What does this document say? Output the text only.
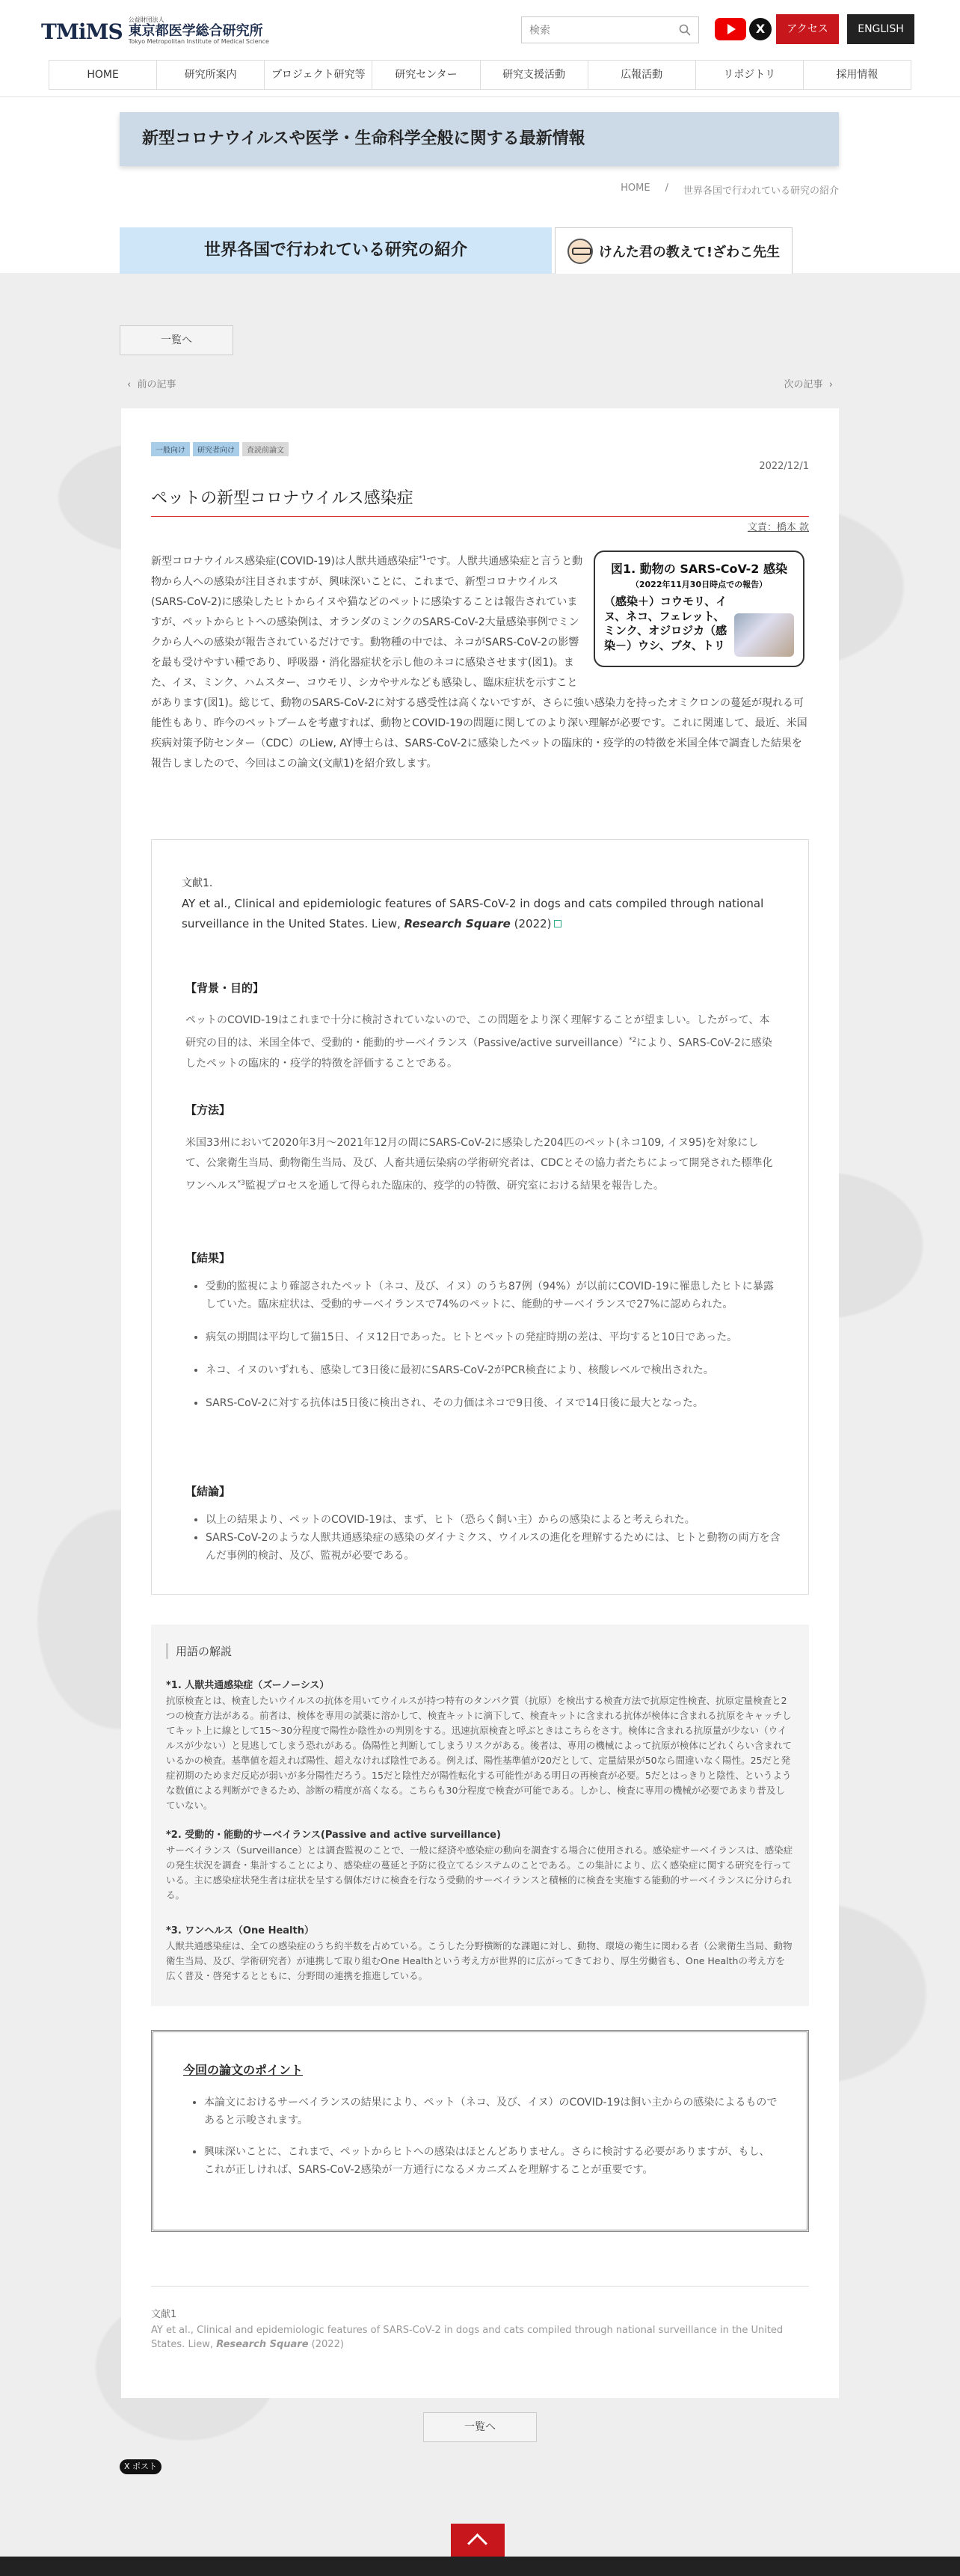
TMiMS 公益財団法人
東京都医学総合研究所
Tokyo Metropolitan Institute of Medical Science
検索
X	アクセス	ENGLISH
HOME	研究所案内	プロジェクト研究等	研究センター	研究支援活動	広報活動	リポジトリ	採用情報
新型コロナウイルスや医学・生命科学全般に関する最新情報
HOME / 世界各国で行われている研究の紹介
世界各国で行われている研究の紹介	けんた君の教えて!ざわこ先生
一覧へ
‹  前の記事	次の記事  ›
一般向け	研究者向け	査読前論文
2022/12/1
ペットの新型コロナウイルス感染症
文責：橋本 款
新型コロナウイルス感染症(COVID-19)は人獣共通感染症$^{*1}$です。人獣共通感染症と言うと動物から人への感染が注目されますが、興味深いことに、これまで、新型コロナウイルス(SARS-CoV-2)に感染したヒトからイヌや猫などのペットに感染することは報告されていますが、ペットからヒトへの感染例は、オランダのミンクのSARS-CoV-2大量感染事例でミンクから人への感染が報告されているだけです。動物種の中では、ネコがSARS-CoV-2の影響を最も受けやすい種であり、呼吸器・消化器症状を示し他のネコに感染させます(図1)。また、イヌ、ミンク、ハムスター、コウモリ、シカやサルなども感染し、臨床症状を示すことがあります(図1)。総じて、動物のSARS-CoV-2に対する感受性は高くないですが、さらに強い感染力を持ったオミクロンの蔓延が現れる可能性もあり、昨今のペットブームを考慮すれば、動物とCOVID-19の問題に関してのより深い理解が必要です。これに関連して、最近、米国疾病対策予防センター（CDC）のLiew, AY博士らは、SARS-CoV-2に感染したペットの臨床的・疫学的の特徴を米国全体で調査した結果を報告しましたので、今回はこの論文(文献1)を紹介致します。
図1. 動物の SARS-CoV-2 感染
（2022年11月30日時点での報告）
（感染＋）コウモリ、イヌ、ネコ、フェレット、ミンク、オジロジカ（感染－）ウシ、ブタ、トリ
文献1.
AY et al., Clinical and epidemiologic features of SARS-CoV-2 in dogs and cats compiled through national surveillance in the United States. Liew, Research Square (2022)
【背景・目的】
ペットのCOVID-19はこれまで十分に検討されていないので、この問題をより深く理解することが望ましい。したがって、本研究の目的は、米国全体で、受動的・能動的サーベイランス（Passive/active surveillance）$^{*2}$により、SARS-CoV-2に感染したペットの臨床的・疫学的特徴を評価することである。
【方法】
米国33州において2020年3月〜2021年12月の間にSARS-CoV-2に感染した204匹のペット(ネコ109, イヌ95)を対象にして、公衆衛生当局、動物衛生当局、及び、人畜共通伝染病の学術研究者は、CDCとその協力者たちによって開発された標準化ワンヘルス$^{*3}$監視プロセスを通して得られた臨床的、疫学的の特徴、研究室における結果を報告した。
【結果】
• 受動的監視により確認されたペット（ネコ、及び、イヌ）のうち87例（94%）が以前にCOVID-19に罹患したヒトに暴露していた。臨床症状は、受動的サーベイランスで74%のペットに、能動的サーベイランスで27%に認められた。
• 病気の期間は平均して猫15日、イヌ12日であった。ヒトとペットの発症時期の差は、平均すると10日であった。
• ネコ、イヌのいずれも、感染して3日後に最初にSARS-CoV-2がPCR検査により、核酸レベルで検出された。
• SARS-CoV-2に対する抗体は5日後に検出され、その力価はネコで9日後、イヌで14日後に最大となった。
【結論】
• 以上の結果より、ペットのCOVID-19は、まず、ヒト（恐らく飼い主）からの感染によると考えられた。
• SARS-CoV-2のような人獣共通感染症の感染のダイナミクス、ウイルスの進化を理解するためには、ヒトと動物の両方を含んだ事例的検討、及び、監視が必要である。
用語の解説
*1. 人獣共通感染症（ズーノーシス）
抗原検査とは、検査したいウイルスの抗体を用いてウイルスが持つ特有のタンパク質（抗原）を検出する検査方法で抗原定性検査、抗原定量検査と2つの検査方法がある。前者は、検体を専用の試薬に溶かして、検査キットに滴下して、検査キットに含まれる抗体が検体に含まれる抗原をキャッチしてキット上に線として15〜30分程度で陽性か陰性かの判別をする。迅速抗原検査と呼ぶときはこちらをさす。検体に含まれる抗原量が少ない（ウイルスが少ない）と見逃してしまう恐れがある。偽陽性と判断してしまうリスクがある。後者は、専用の機械によって抗原が検体にどれくらい含まれているかの検査。基準値を超えれば陽性、超えなければ陰性である。例えば、陽性基準値が20だとして、定量結果が50なら間違いなく陽性。25だと発症初期のためまだ反応が弱いが多分陽性だろう。15だと陰性だが陽性転化する可能性がある明日の再検査が必要。5だとはっきりと陰性、というような数値による判断ができるため、診断の精度が高くなる。こちらも30分程度で検査が可能である。しかし、検査に専用の機械が必要であまり普及していない。
*2. 受動的・能動的サーベイランス(Passive and active surveillance)
サーベイランス（Surveillance）とは調査監視のことで、一般に経済や感染症の動向を調査する場合に使用される。感染症サーベイランスは、感染症の発生状況を調査・集計することにより、感染症の蔓延と予防に役立てるシステムのことである。この集計により、広く感染症に関する研究を行っている。主に感染症状発生者は症状を呈する個体だけに検査を行なう受動的サーベイランスと積極的に検査を実施する能動的サーベイランスに分けられる。
*3. ワンヘルス（One Health）
人獣共通感染症は、全ての感染症のうち約半数を占めている。こうした分野横断的な課題に対し、動物、環境の衛生に関わる者（公衆衛生当局、動物衛生当局、及び、学術研究者）が連携して取り組むOne Healthという考え方が世界的に広がってきており、厚生労働省も、One Healthの考え方を広く普及・啓発するとともに、分野間の連携を推進している。
今回の論文のポイント
• 本論文におけるサーベイランスの結果により、ペット（ネコ、及び、イヌ）のCOVID-19は飼い主からの感染によるものであると示唆されます。
• 興味深いことに、これまで、ペットからヒトへの感染はほとんどありません。さらに検討する必要がありますが、もし、これが正しければ、SARS-CoV-2感染が一方通行になるメカニズムを理解することが重要です。
文献1
AY et al., Clinical and epidemiologic features of SARS-CoV-2 in dogs and cats compiled through national surveillance in the United States. Liew, Research Square (2022)
一覧へ
X ポスト
